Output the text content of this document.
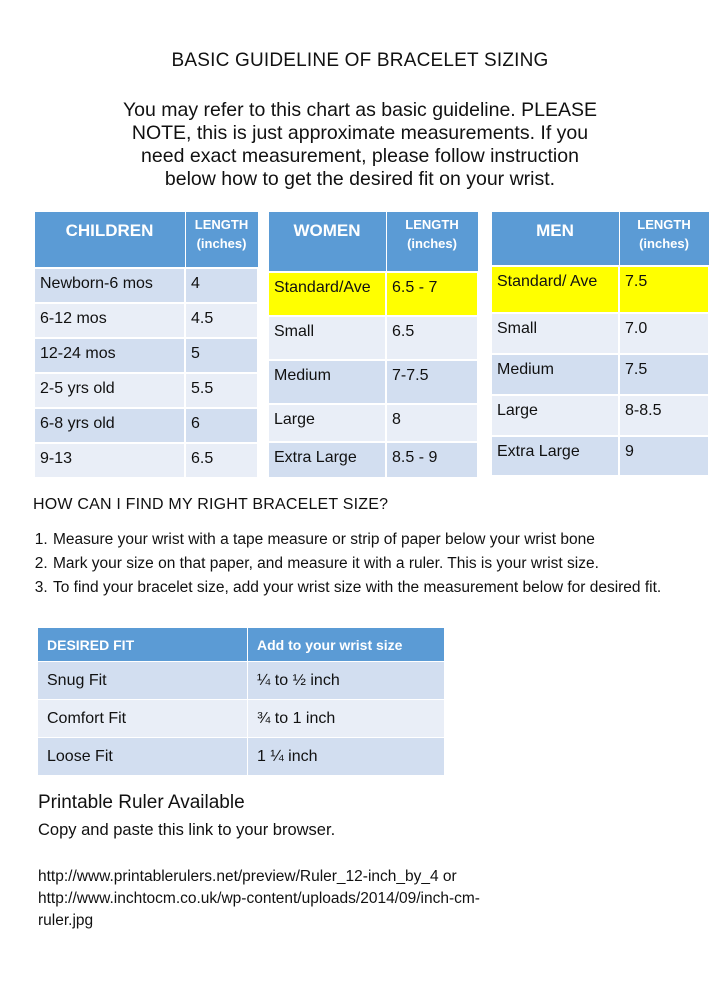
BASIC GUIDELINE OF BRACELET SIZING
You may refer to this chart as basic guideline. PLEASE
NOTE, this is just approximate measurements. If you
need exact measurement, please follow instruction
below how to get the desired fit on your wrist.
CHILDREN	LENGTH
(inches)

Newborn-6 mos	4
6-12 mos	4.5
12-24 mos	5
2-5 yrs old	5.5
6-8 yrs old	6
9-13	6.5
WOMEN	LENGTH
(inches)

Standard/Ave	6.5 - 7
Small	6.5
Medium	7-7.5
Large	8
Extra Large	8.5 - 9
MEN	LENGTH
(inches)

Standard/ Ave	7.5
Small	7.0
Medium	7.5
Large	8-8.5
Extra Large	9
HOW CAN I FIND MY RIGHT BRACELET SIZE?
1. Measure your wrist with a tape measure or strip of paper below your wrist bone
2. Mark your size on that paper, and measure it with a ruler. This is your wrist size.
3. To find your bracelet size, add your wrist size with the measurement below for desired fit.
DESIRED FIT	Add to your wrist size
Snug Fit	¼ to ½ inch
Comfort Fit	¾ to 1 inch
Loose Fit	1 ¼ inch
Printable Ruler Available
Copy and paste this link to your browser.
http://www.printablerulers.net/preview/Ruler_12-inch_by_4 or
http://www.inchtocm.co.uk/wp-content/uploads/2014/09/inch-cm-
ruler.jpg
